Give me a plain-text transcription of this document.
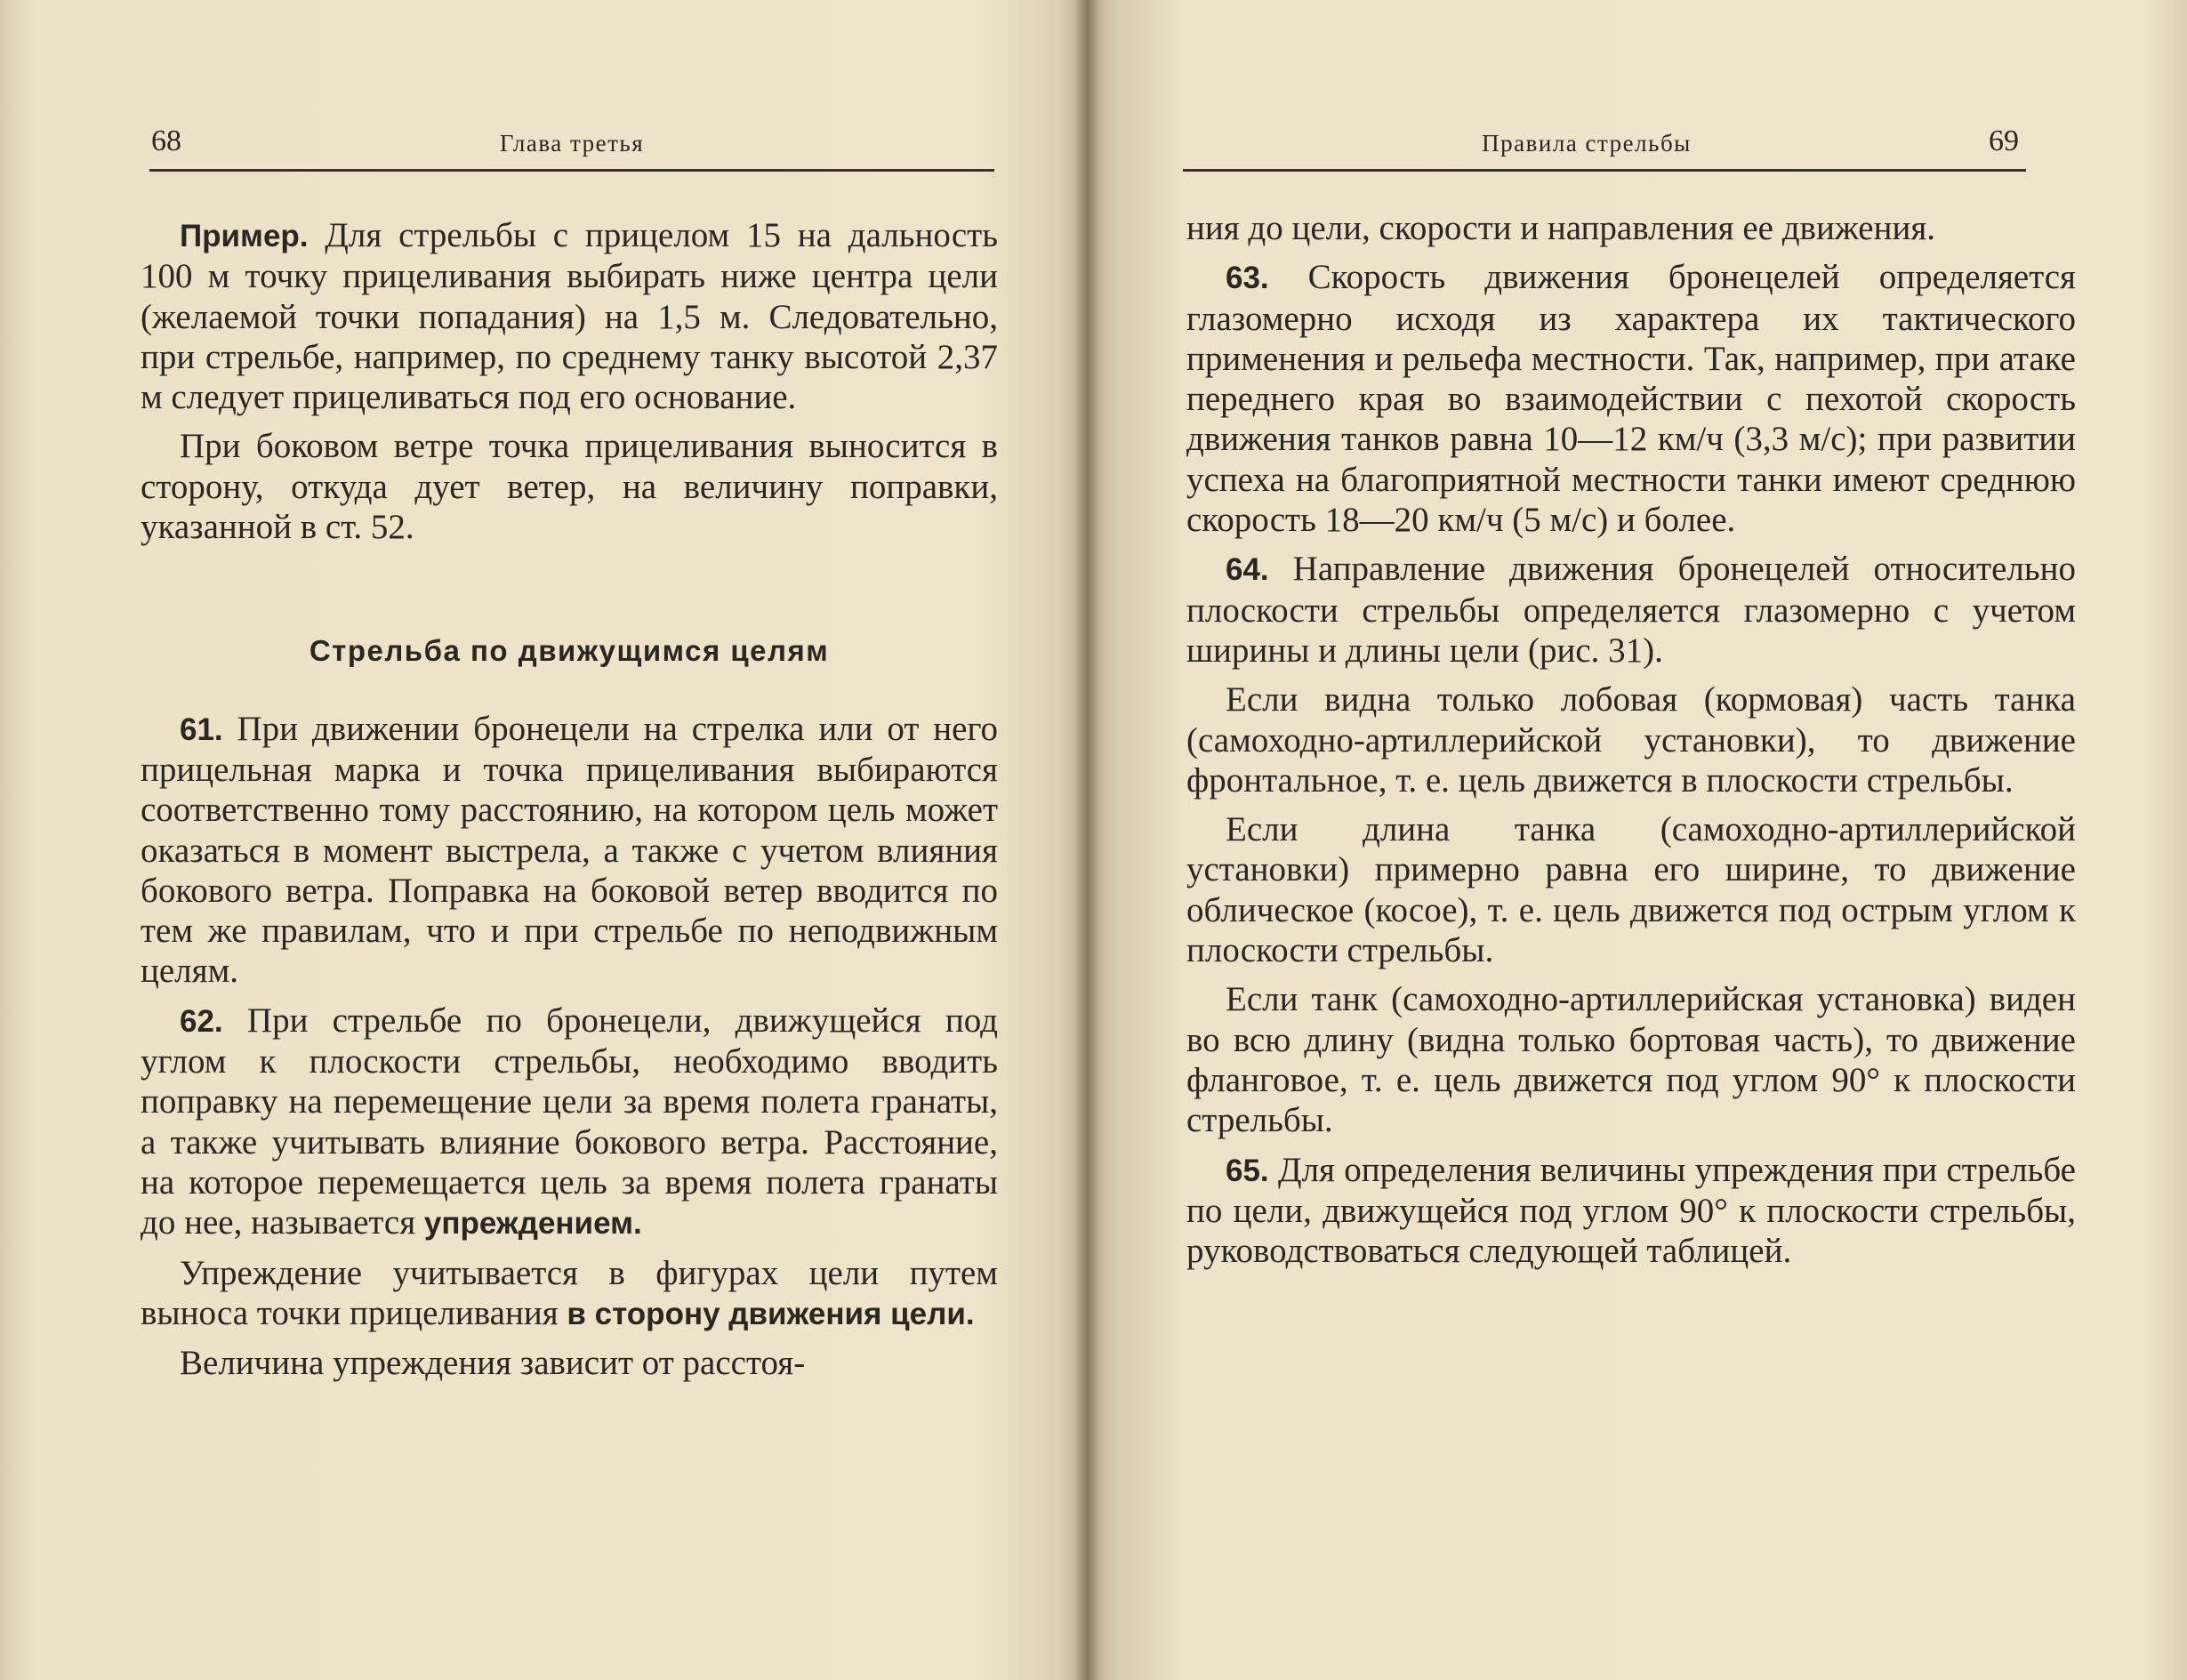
68	Глава третья

Пример. Для стрельбы с прицелом 15 на дальность 100 м точку прицеливания выбирать ниже центра цели (желаемой точки попадания) на 1,5 м. Следовательно, при стрельбе, например, по среднему танку высотой 2,37 м следует прицеливаться под его основание.

При боковом ветре точка прицеливания выносится в сторону, откуда дует ветер, на величину поправки, указанной в ст. 52.

Стрельба по движущимся целям

61. При движении бронецели на стрелка или от него прицельная марка и точка прицеливания выбираются соответственно тому расстоянию, на котором цель может оказаться в момент выстрела, а также с учетом влияния бокового ветра. Поправка на боковой ветер вводится по тем же правилам, что и при стрельбе по неподвижным целям.

62. При стрельбе по бронецели, движущейся под углом к плоскости стрельбы, необходимо вводить поправку на перемещение цели за время полета гранаты, а также учитывать влияние бокового ветра. Расстояние, на которое перемещается цель за время полета гранаты до нее, называется упреждением.

Упреждение учитывается в фигурах цели путем выноса точки прицеливания в сторону движения цели.

Величина упреждения зависит от расстоя-

Правила стрельбы	69

ния до цели, скорости и направления ее движения.

63. Скорость движения бронецелей определяется глазомерно исходя из характера их тактического применения и рельефа местности. Так, например, при атаке переднего края во взаимодействии с пехотой скорость движения танков равна 10—12 км/ч (3,3 м/с); при развитии успеха на благоприятной местности танки имеют среднюю скорость 18—20 км/ч (5 м/с) и более.

64. Направление движения бронецелей относительно плоскости стрельбы определяется глазомерно с учетом ширины и длины цели (рис. 31).

Если видна только лобовая (кормовая) часть танка (самоходно-артиллерийской установки), то движение фронтальное, т. е. цель движется в плоскости стрельбы.

Если длина танка (самоходно-артиллерийской установки) примерно равна его ширине, то движение облическое (косое), т. е. цель движется под острым углом к плоскости стрельбы.

Если танк (самоходно-артиллерийская установка) виден во всю длину (видна только бортовая часть), то движение фланговое, т. е. цель движется под углом 90° к плоскости стрельбы.

65. Для определения величины упреждения при стрельбе по цели, движущейся под углом 90° к плоскости стрельбы, руководствоваться следующей таблицей.
